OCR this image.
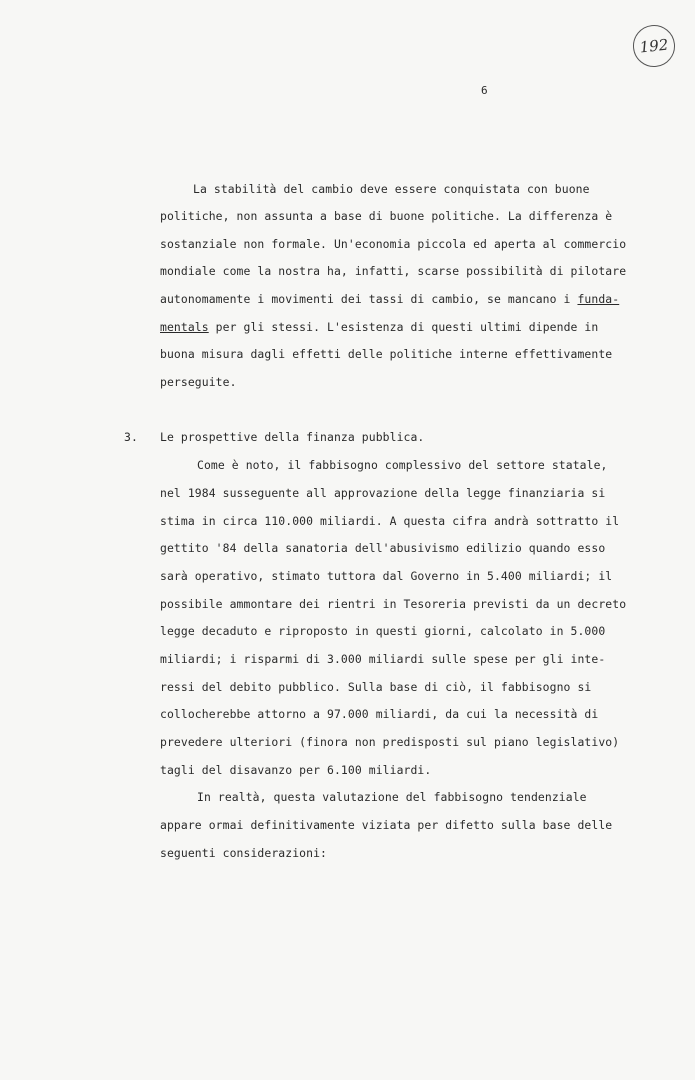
192
6
La stabilità del cambio deve essere conquistata con buone
politiche, non assunta a base di buone politiche. La differenza è
sostanziale non formale. Un'economia piccola ed aperta al commercio
mondiale come la nostra ha, infatti, scarse possibilità di pilotare
autonomamente i movimenti dei tassi di cambio, se mancano i funda-
mentals per gli stessi. L'esistenza di questi ultimi dipende in
buona misura dagli effetti delle politiche interne effettivamente
perseguite.
3. Le prospettive della finanza pubblica.
Come è noto, il fabbisogno complessivo del settore statale,
nel 1984 susseguente all approvazione della legge finanziaria si
stima in circa 110.000 miliardi. A questa cifra andrà sottratto il
gettito '84 della sanatoria dell'abusivismo edilizio quando esso
sarà operativo, stimato tuttora dal Governo in 5.400 miliardi; il
possibile ammontare dei rientri in Tesoreria previsti da un decreto
legge decaduto e riproposto in questi giorni, calcolato in 5.000
miliardi; i risparmi di 3.000 miliardi sulle spese per gli inte-
ressi del debito pubblico. Sulla base di ciò, il fabbisogno si
collocherebbe attorno a 97.000 miliardi, da cui la necessità di
prevedere ulteriori (finora non predisposti sul piano legislativo)
tagli del disavanzo per 6.100 miliardi.
In realtà, questa valutazione del fabbisogno tendenziale
appare ormai definitivamente viziata per difetto sulla base delle
seguenti considerazioni:
